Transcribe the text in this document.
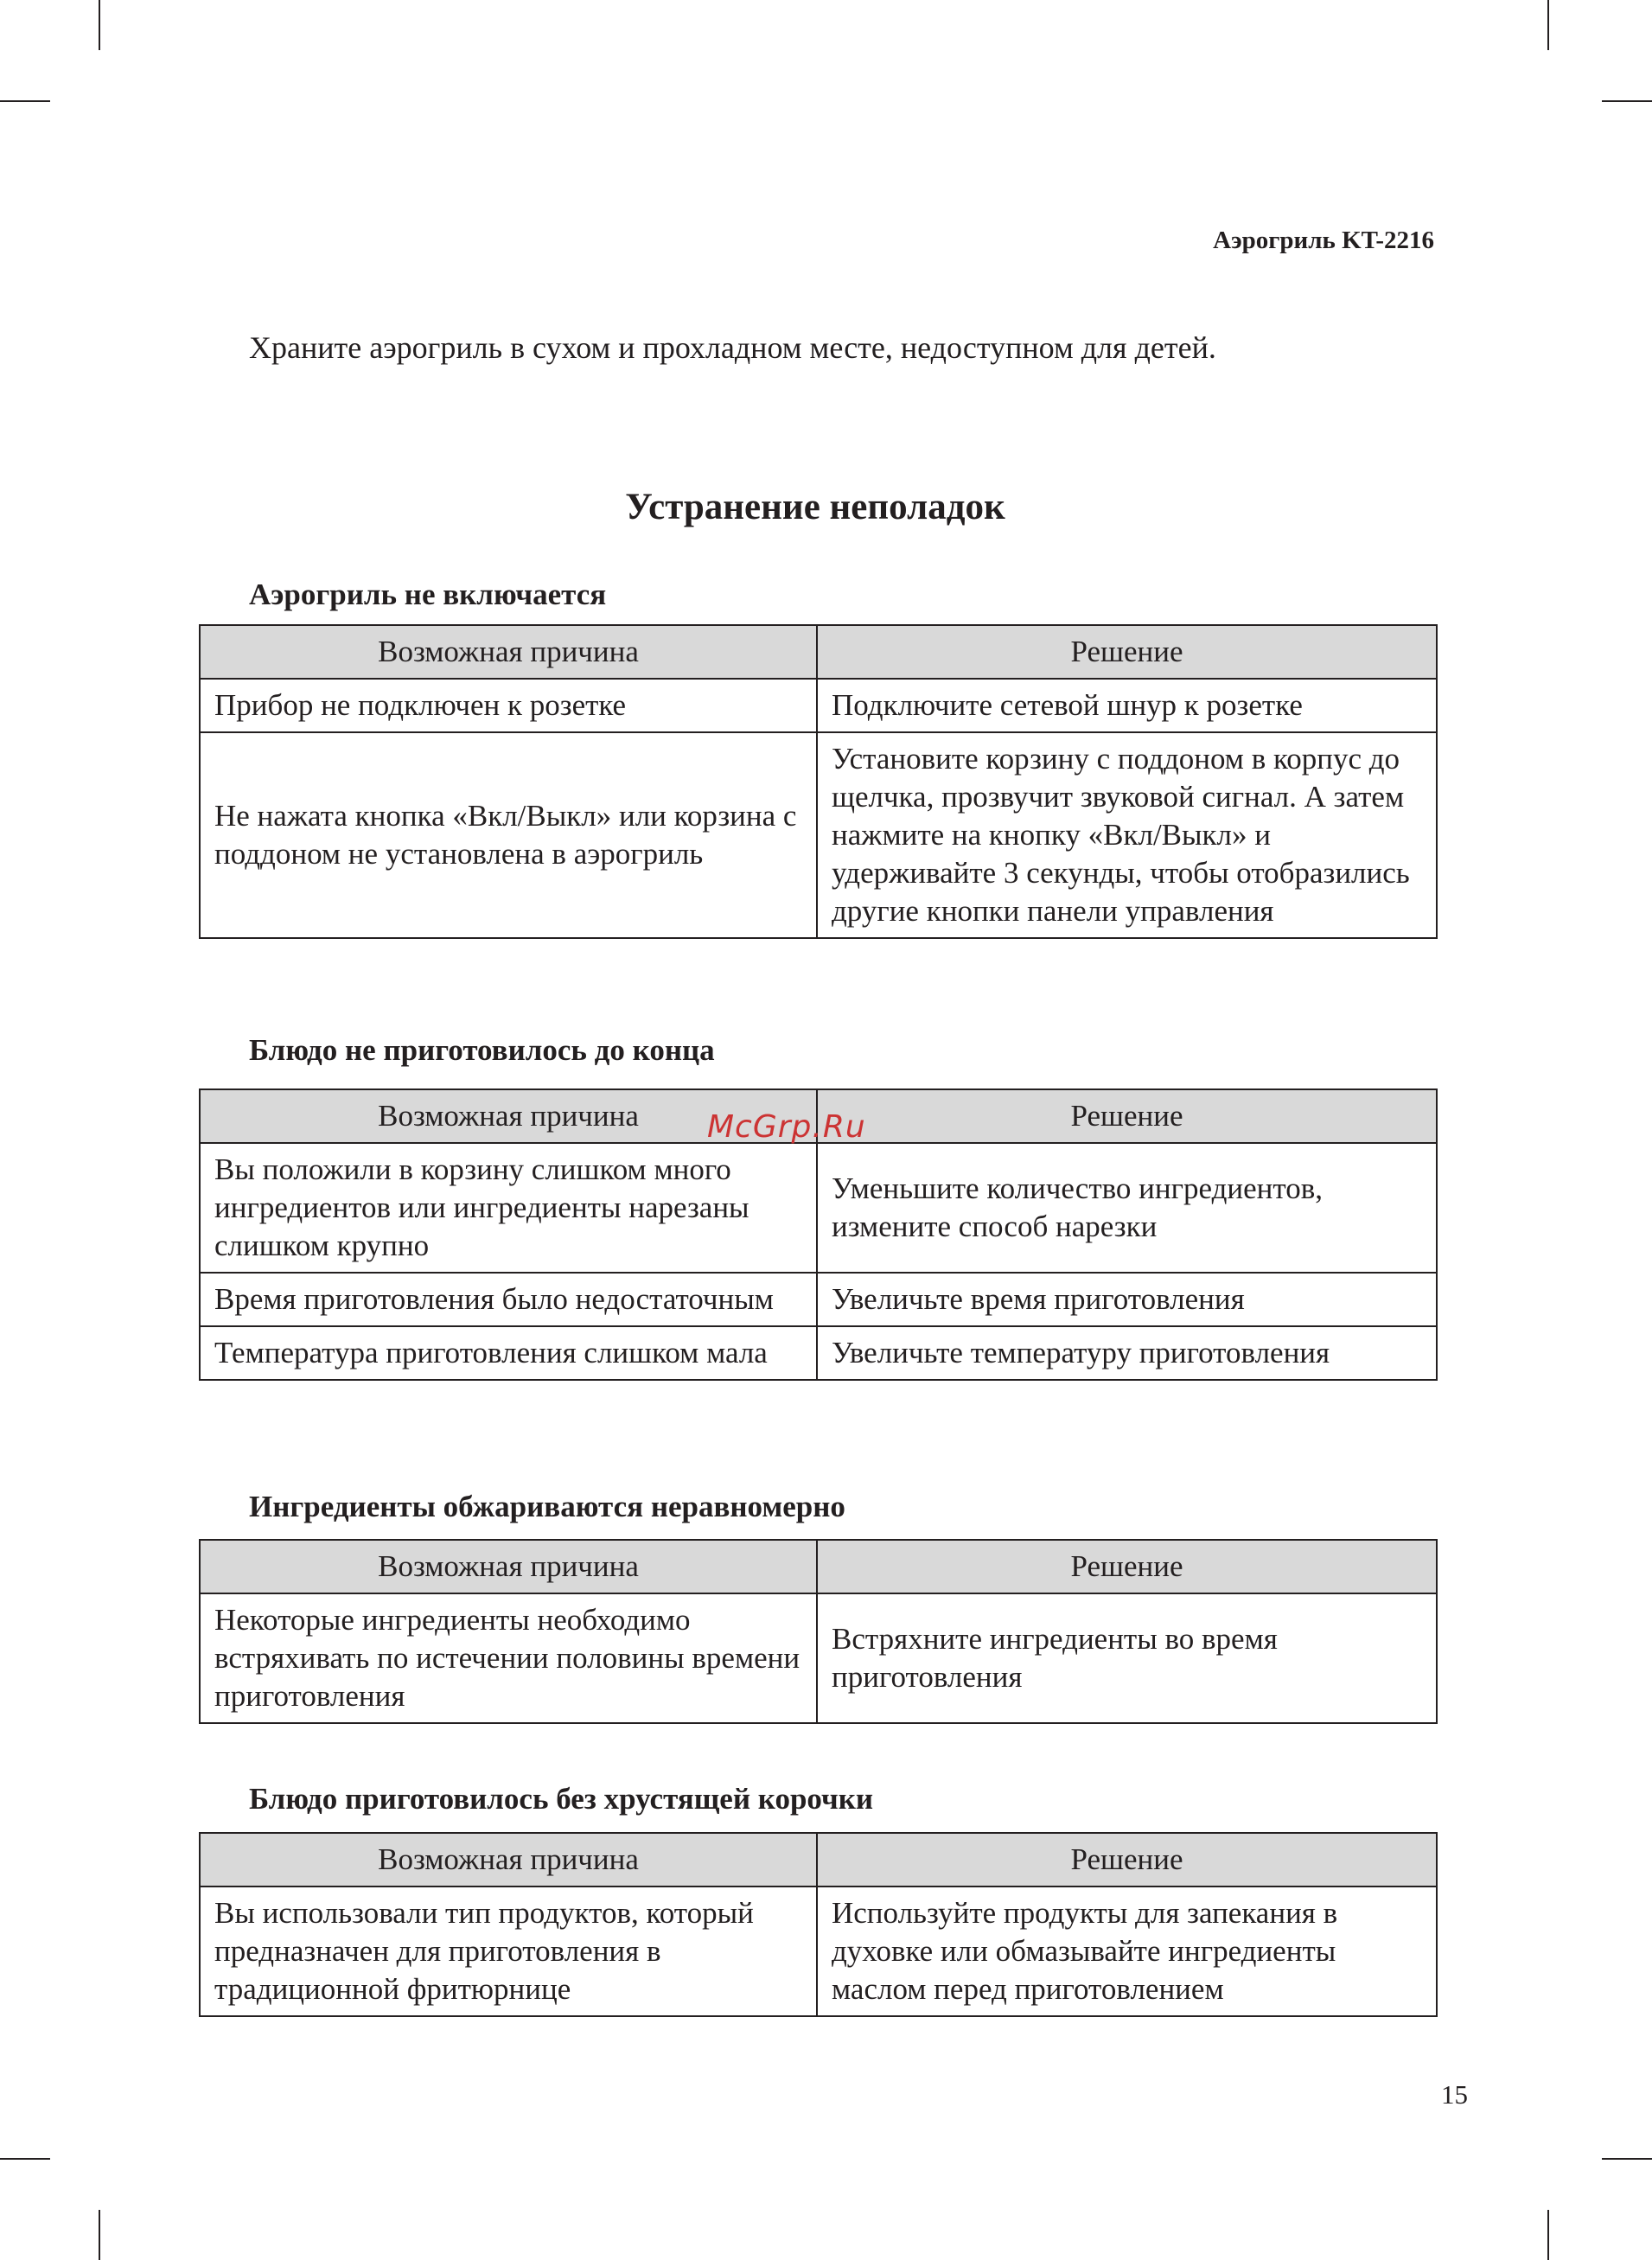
Аэрогриль KT-2216
Храните аэрогриль в сухом и прохладном месте, недоступном для детей.
Устранение неполадок
Аэрогриль не включается
Возможная причина	Решение
Прибор не подключен к розетке	Подключите сетевой шнур к розетке
Не нажата кнопка «Вкл/Выкл» или корзина с поддоном не установлена в аэрогриль	Установите корзину с поддоном в корпус до щелчка, прозвучит звуковой сигнал. А затем нажмите на кнопку «Вкл/Выкл» и удерживайте 3 секунды, чтобы отобразились другие кнопки панели управления
Блюдо не приготовилось до конца
Возможная причина	Решение
Вы положили в корзину слишком много ингредиентов или ингредиенты нарезаны слишком крупно	Уменьшите количество ингредиентов, измените способ нарезки
Время приготовления было недостаточным	Увеличьте время приготовления
Температура приготовления слишком мала	Увеличьте температуру приготовления
Ингредиенты обжариваются неравномерно
Возможная причина	Решение
Некоторые ингредиенты необходимо встряхивать по истечении половины времени приготовления	Встряхните ингредиенты во время приготовления
Блюдо приготовилось без хрустящей корочки
Возможная причина	Решение
Вы использовали тип продуктов, который предназначен для приготовления в традиционной фритюрнице	Используйте продукты для запекания в духовке или обмазывайте ингредиенты маслом перед приготовлением
McGrp.Ru
15
